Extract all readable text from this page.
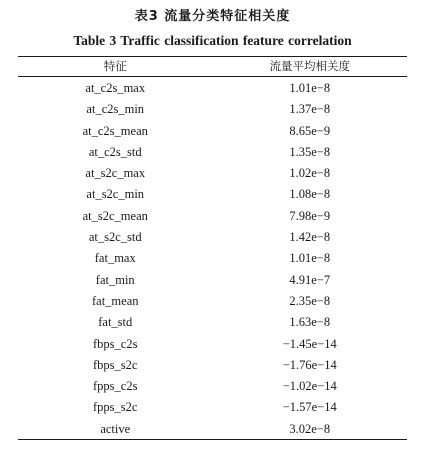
表3 流量分类特征相关度
Table 3 Traffic classification feature correlation
特征	流量平均相关度
at_c2s_max	1.01e−8
at_c2s_min	1.37e−8
at_c2s_mean	8.65e−9
at_c2s_std	1.35e−8
at_s2c_max	1.02e−8
at_s2c_min	1.08e−8
at_s2c_mean	7.98e−9
at_s2c_std	1.42e−8
fat_max	1.01e−8
fat_min	4.91e−7
fat_mean	2.35e−8
fat_std	1.63e−8
fbps_c2s	−1.45e−14
fbps_s2c	−1.76e−14
fpps_c2s	−1.02e−14
fpps_s2c	−1.57e−14
active	3.02e−8
